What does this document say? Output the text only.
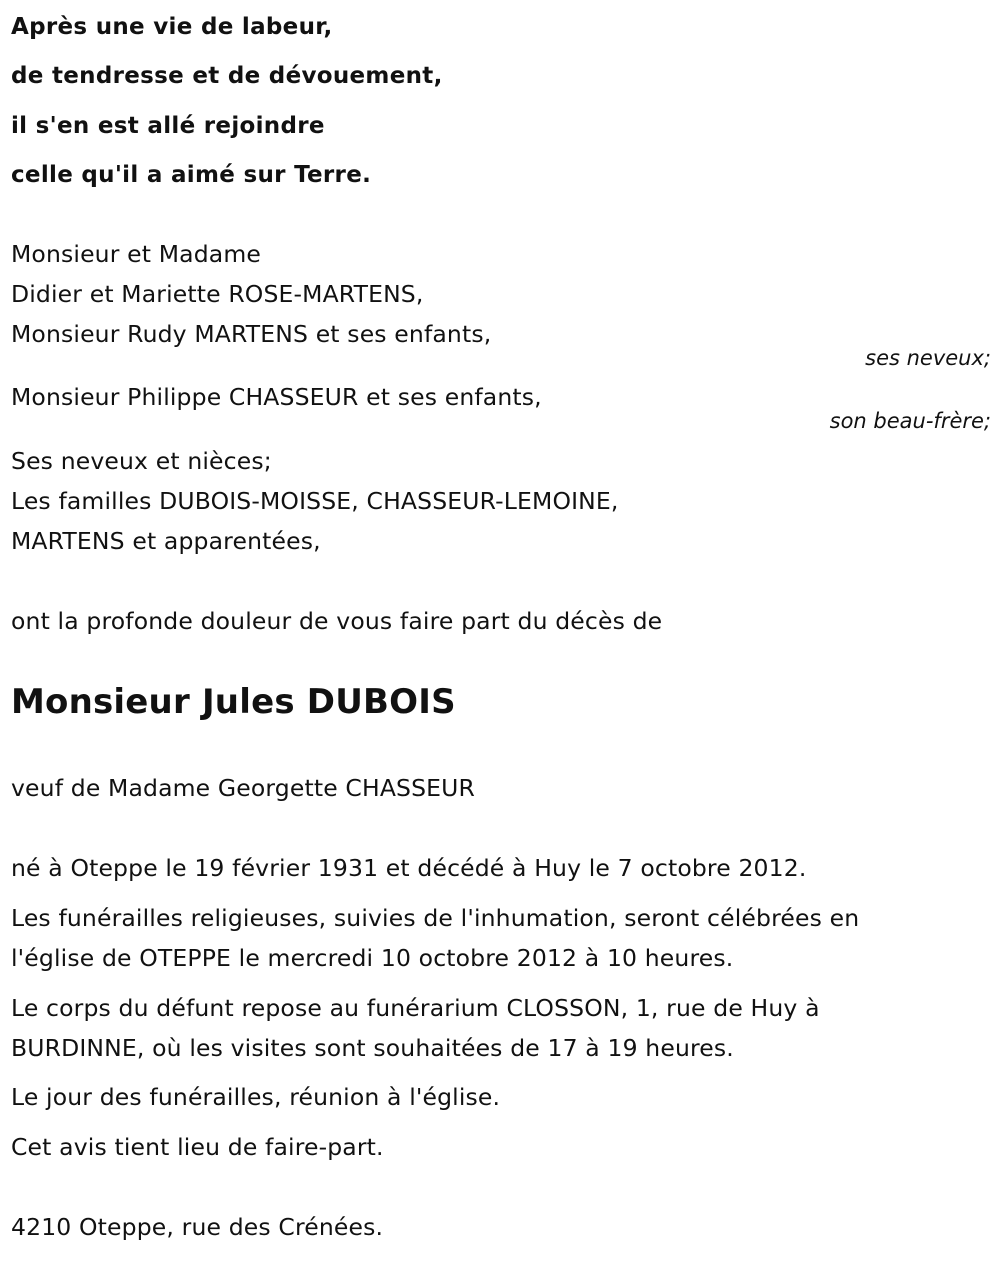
Après une vie de labeur,
de tendresse et de dévouement,
il s'en est allé rejoindre
celle qu'il a aimé sur Terre.
Monsieur et Madame
Didier et Mariette ROSE-MARTENS,
Monsieur Rudy MARTENS et ses enfants,
ses neveux;
Monsieur Philippe CHASSEUR et ses enfants,
son beau-frère;
Ses neveux et nièces;
Les familles DUBOIS-MOISSE, CHASSEUR-LEMOINE,
MARTENS et apparentées,
ont la profonde douleur de vous faire part du décès de
Monsieur Jules DUBOIS
veuf de Madame Georgette CHASSEUR
né à Oteppe le 19 février 1931 et décédé à Huy le 7 octobre 2012.
Les funérailles religieuses, suivies de l'inhumation, seront célébrées en
l'église de OTEPPE le mercredi 10 octobre 2012 à 10 heures.
Le corps du défunt repose au funérarium CLOSSON, 1, rue de Huy à
BURDINNE, où les visites sont souhaitées de 17 à 19 heures.
Le jour des funérailles, réunion à l'église.
Cet avis tient lieu de faire-part.
4210 Oteppe, rue des Crénées.
